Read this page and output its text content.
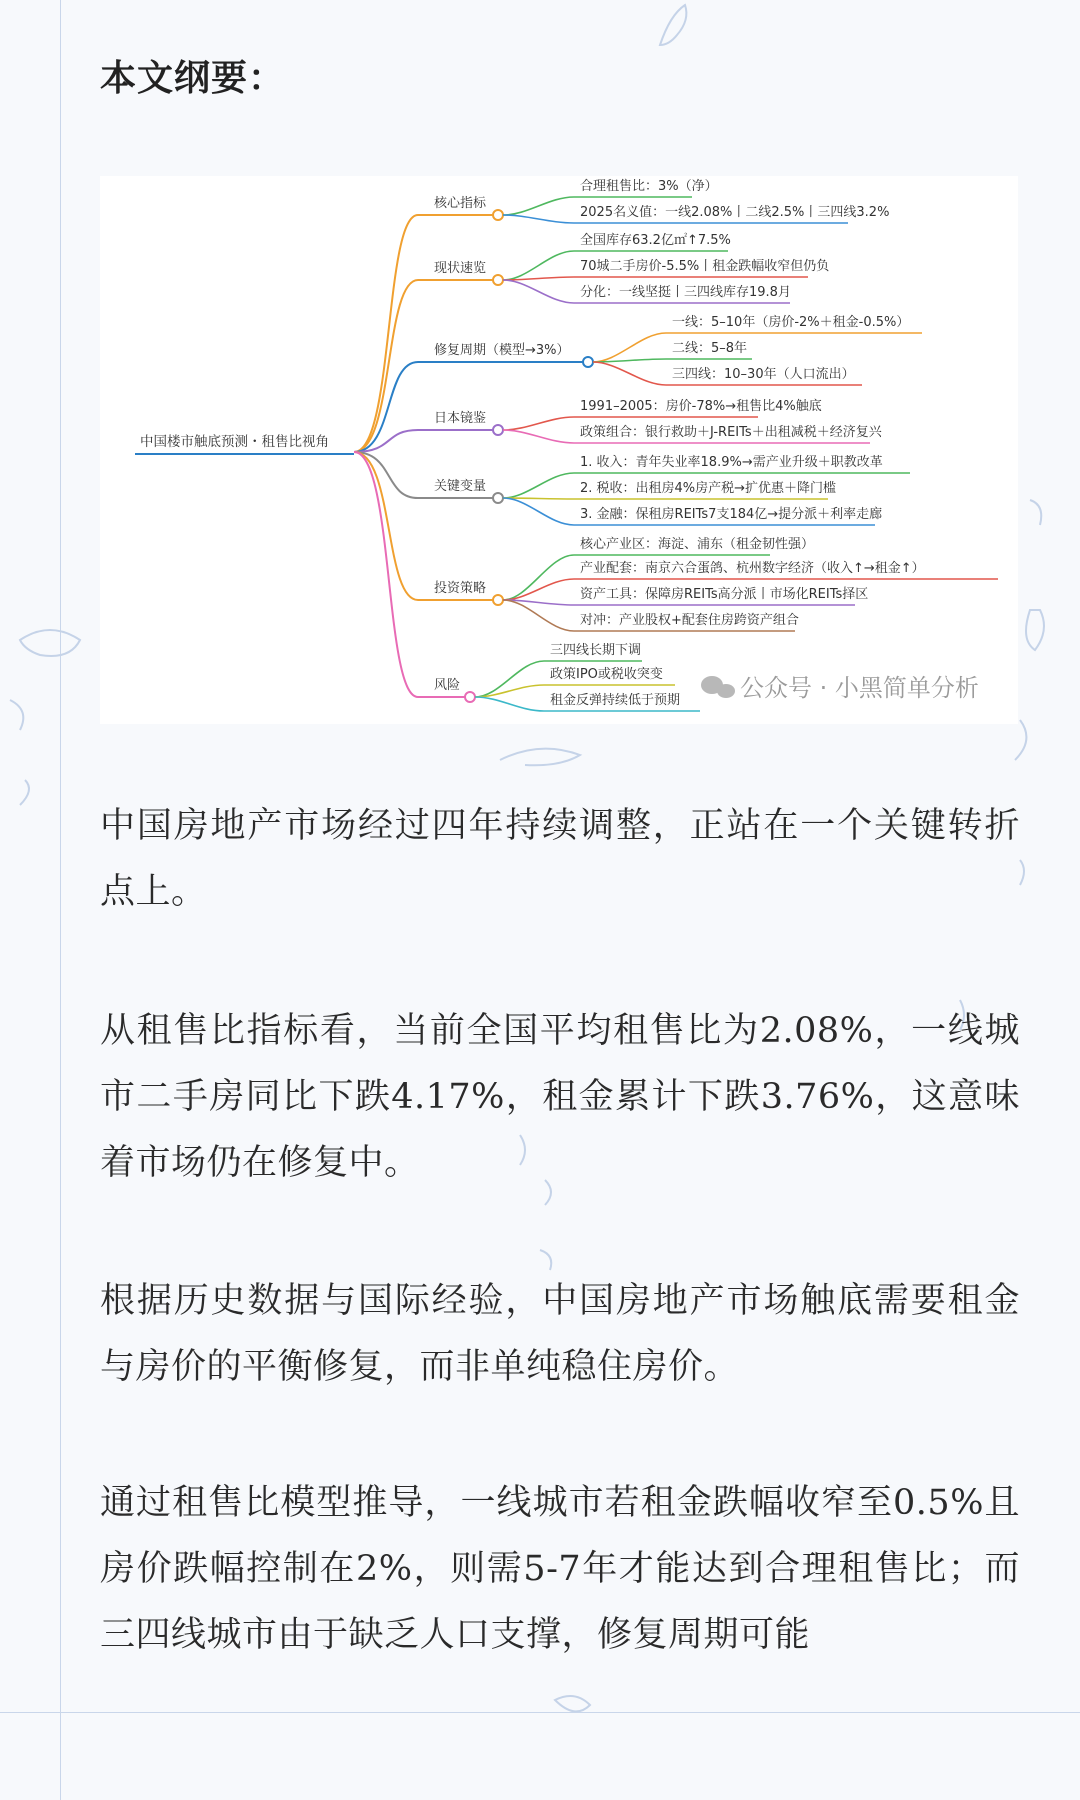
本文纲要：
中国楼市触底预测・租售比视角
核心指标
合理租售比：3%（净）
2025名义值：一线2.08%丨二线2.5%丨三四线3.2%
现状速览
全国库存63.2亿㎡↑7.5%
70城二手房价-5.5%丨租金跌幅收窄但仍负
分化：一线坚挺丨三四线库存19.8月
修复周期（模型→3%）
一线：5–10年（房价-2%＋租金-0.5%）
二线：5–8年
三四线：10–30年（人口流出）
日本镜鉴
1991–2005：房价-78%→租售比4%触底
政策组合：银行救助＋J-REITs＋出租减税＋经济复兴
关键变量
1. 收入：青年失业率18.9%→需产业升级＋职教改革
2. 税收：出租房4%房产税→扩优惠＋降门槛
3. 金融：保租房REITs7支184亿→提分派＋利率走廊
投资策略
核心产业区：海淀、浦东（租金韧性强）
产业配套：南京六合蛋鸽、杭州数字经济（收入↑→租金↑）
资产工具：保障房REITs高分派丨市场化REITs择区
对冲：产业股权+配套住房跨资产组合
风险
三四线长期下调
政策IPO或税收突变
租金反弹持续低于预期 公众号 · 小黑简单分析

中国房地产市场经过四年持续调整，正站在一个关键转折点上。

从租售比指标看，当前全国平均租售比为2.08%，一线城市二手房同比下跌4.17%，租金累计下跌3.76%，这意味着市场仍在修复中。

根据历史数据与国际经验，中国房地产市场触底需要租金与房价的平衡修复，而非单纯稳住房价。

通过租售比模型推导，一线城市若租金跌幅收窄至0.5%且房价跌幅控制在2%，则需5-7年才能达到合理租售比；而三四线城市由于缺乏人口支撑，修复周期可能
